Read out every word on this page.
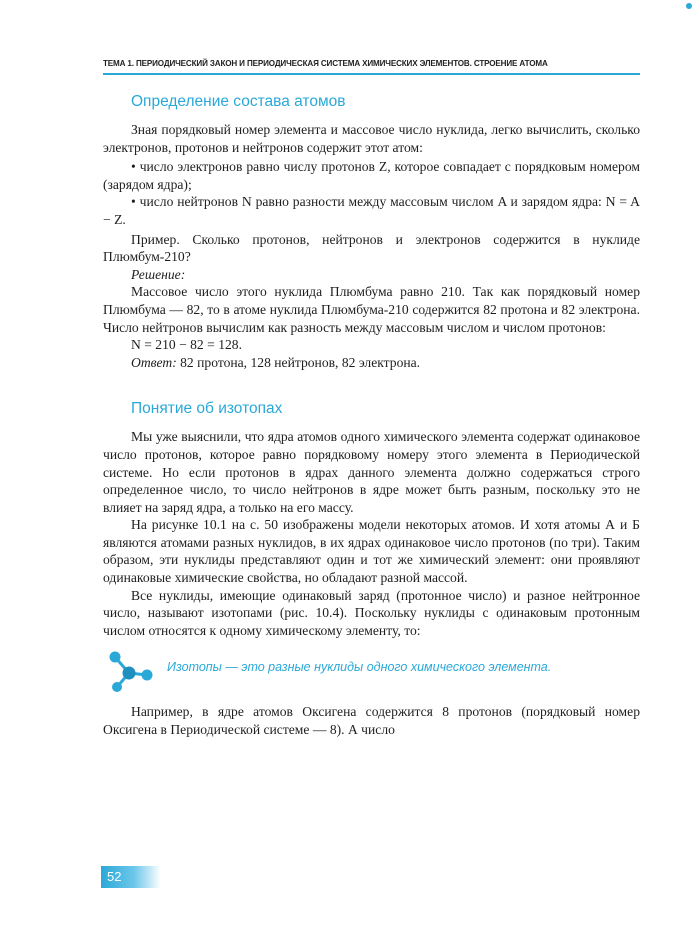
ТЕМА 1. ПЕРИОДИЧЕСКИЙ ЗАКОН И ПЕРИОДИЧЕСКАЯ СИСТЕМА ХИМИЧЕСКИХ ЭЛЕМЕНТОВ. СТРОЕНИЕ АТОМА
Определение состава атомов

Зная порядковый номер элемента и массовое число нуклида, легко вычислить, сколько электронов, протонов и нейтронов содержит этот атом:

• число электронов равно числу протонов Z, которое совпадает с порядковым номером (зарядом ядра);

• число нейтронов N равно разности между массовым числом A и зарядом ядра: N = A − Z.

Пример. Сколько протонов, нейтронов и электронов содержится в нуклиде Плюмбум-210?

Решение:

Массовое число этого нуклида Плюмбума равно 210. Так как порядковый номер Плюмбума — 82, то в атоме нуклида Плюмбума-210 содержится 82 протона и 82 электрона. Число нейтронов вычислим как разность между массовым числом и числом протонов:

N = 210 − 82 = 128.

Ответ: 82 протона, 128 нейтронов, 82 электрона.

Понятие об изотопах

Мы уже выяснили, что ядра атомов одного химического элемента содержат одинаковое число протонов, которое равно порядковому номеру этого элемента в Периодической системе. Но если протонов в ядрах данного элемента должно содержаться строго определенное число, то число нейтронов в ядре может быть разным, поскольку это не влияет на заряд ядра, а только на его массу.

На рисунке 10.1 на с. 50 изображены модели некоторых атомов. И хотя атомы А и Б являются атомами разных нуклидов, в их ядрах одинаковое число протонов (по три). Таким образом, эти нуклиды представляют один и тот же химический элемент: они проявляют одинаковые химические свойства, но обладают разной массой.

Все нуклиды, имеющие одинаковый заряд (протонное число) и разное нейтронное число, называют изотопами (рис. 10.4). Поскольку нуклиды с одинаковым протонным числом относятся к одному химическому элементу, то:

Изотопы — это разные нуклиды одного химического элемента.

Например, в ядре атомов Оксигена содержится 8 протонов (порядковый номер Оксигена в Периодической системе — 8). А число

52
